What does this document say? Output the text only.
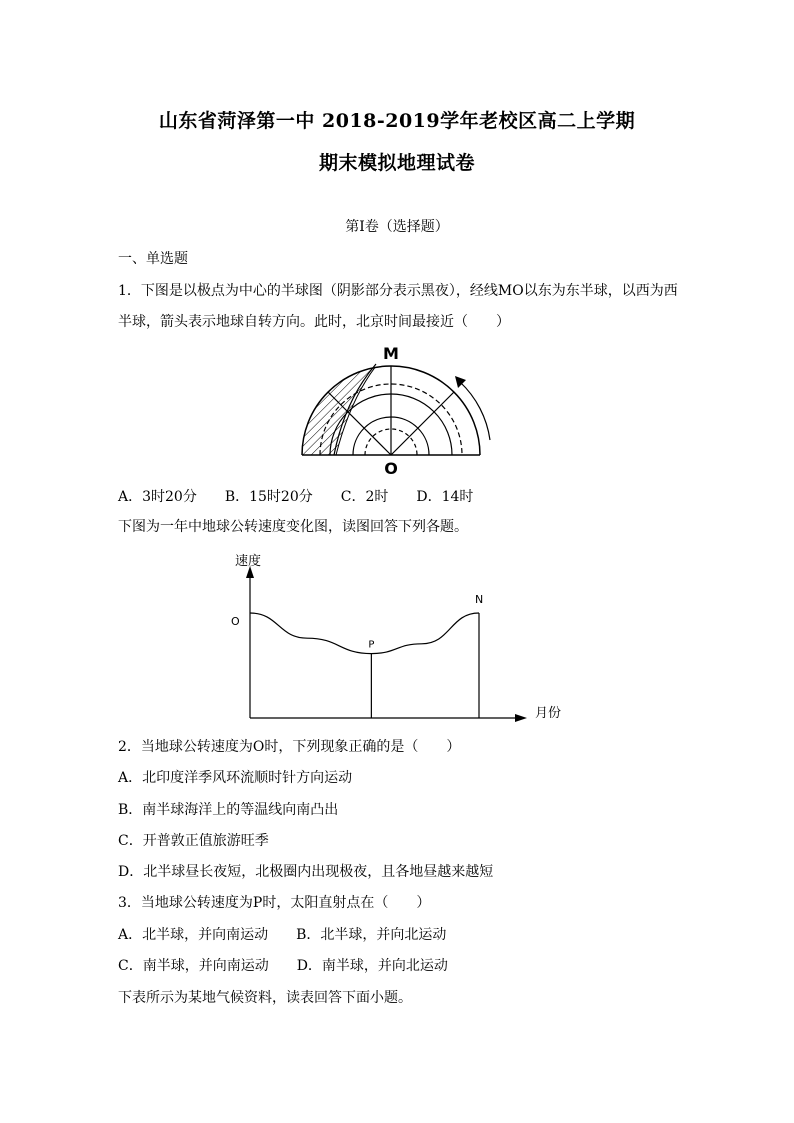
山东省菏泽第一中 2018-2019学年老校区高二上学期
期末模拟地理试卷
第Ⅰ卷（选择题）
一、单选题
1．下图是以极点为中心的半球图（阴影部分表示黑夜），经线MO以东为东半球，以西为西
半球，箭头表示地球自转方向。此时，北京时间最接近（　　）
M
O
A．3时20分　　B．15时20分　　C．2时　　D．14时
下图为一年中地球公转速度变化图，读图回答下列各题。
速度
月份
O
P
N
2．当地球公转速度为O时，下列现象正确的是（　　）
A．北印度洋季风环流顺时针方向运动
B．南半球海洋上的等温线向南凸出
C．开普敦正值旅游旺季
D．北半球昼长夜短，北极圈内出现极夜，且各地昼越来越短
3．当地球公转速度为P时，太阳直射点在（　　）
A．北半球，并向南运动　　B．北半球，并向北运动
C．南半球，并向南运动　　D．南半球，并向北运动
下表所示为某地气候资料，读表回答下面小题。
